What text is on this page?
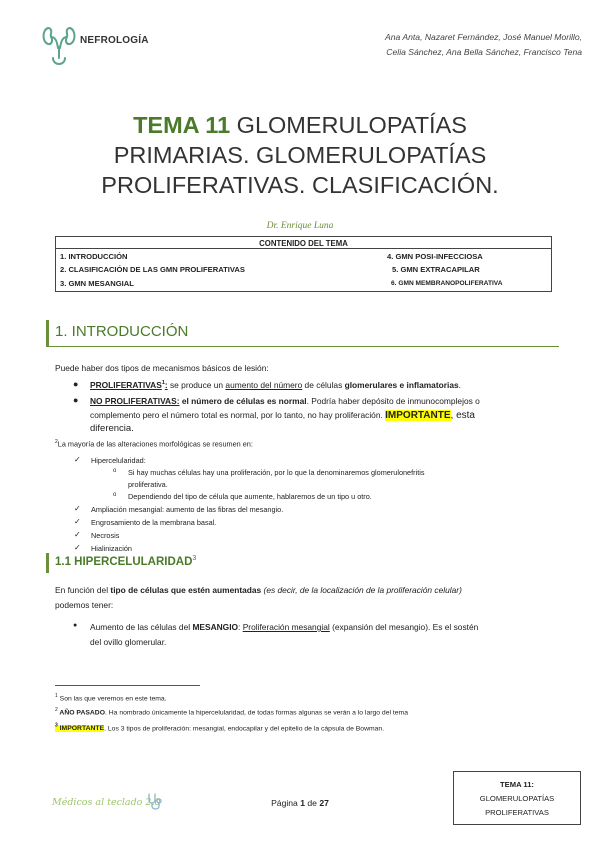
NEFROLOGÍA	Ana Anta, Nazaret Fernández, José Manuel Morillo,
Celia Sánchez, Ana Bella Sánchez, Francisco Tena
TEMA 11 GLOMERULOPATÍAS
PRIMARIAS. GLOMERULOPATÍAS
PROLIFERATIVAS. CLASIFICACIÓN.
Dr. Enrique Luna
CONTENIDO DEL TEMA
1. INTRODUCCIÓN
2. CLASIFICACIÓN DE LAS GMN PROLIFERATIVAS
3. GMN MESANGIAL
4. GMN POSI-INFECCIOSA
5. GMN EXTRACAPILAR
6. GMN MEMBRANOPOLIFERATIVA
1. INTRODUCCIÓN
Puede haber dos tipos de mecanismos básicos de lesión:
● PROLIFERATIVAS$^1$: se produce un aumento del número de células glomerulares e inflamatorias.
● NO PROLIFERATIVAS: el número de células es normal. Podría haber depósito de inmunocomplejos o
complemento pero el número total es normal, por lo tanto, no hay proliferación. IMPORTANTE, esta
diferencia.
$^2$La mayoría de las alteraciones morfológicas se resumen en:
✓ Hipercelularidad:
o Si hay muchas células hay una proliferación, por lo que la denominaremos glomerulonefritis
proliferativa.
o Dependiendo del tipo de célula que aumente, hablaremos de un tipo u otro.
✓ Ampliación mesangial: aumento de las fibras del mesangio.
✓ Engrosamiento de la membrana basal.
✓ Necrosis
✓ Hialinización
1.1 HIPERCELULARIDAD$^3$
En función del tipo de células que estén aumentadas (es decir, de la localización de la proliferación celular)
podemos tener:
● Aumento de las células del MESANGIO: Proliferación mesangial (expansión del mesangio). Es el sostén
del ovillo glomerular.
$^1$ Son las que veremos en este tema.
$^2$ AÑO PASADO. Ha nombrado únicamente la hipercelularidad, de todas formas algunas se verán a lo largo del tema
$^3$ IMPORTANTE. Los 3 tipos de proliferación: mesangial, endocapilar y del epitelio de la cápsula de Bowman.
Médicos al teclado 2.0	Página 1 de 27
TEMA 11:
GLOMERULOPATÍAS
PROLIFERATIVAS
